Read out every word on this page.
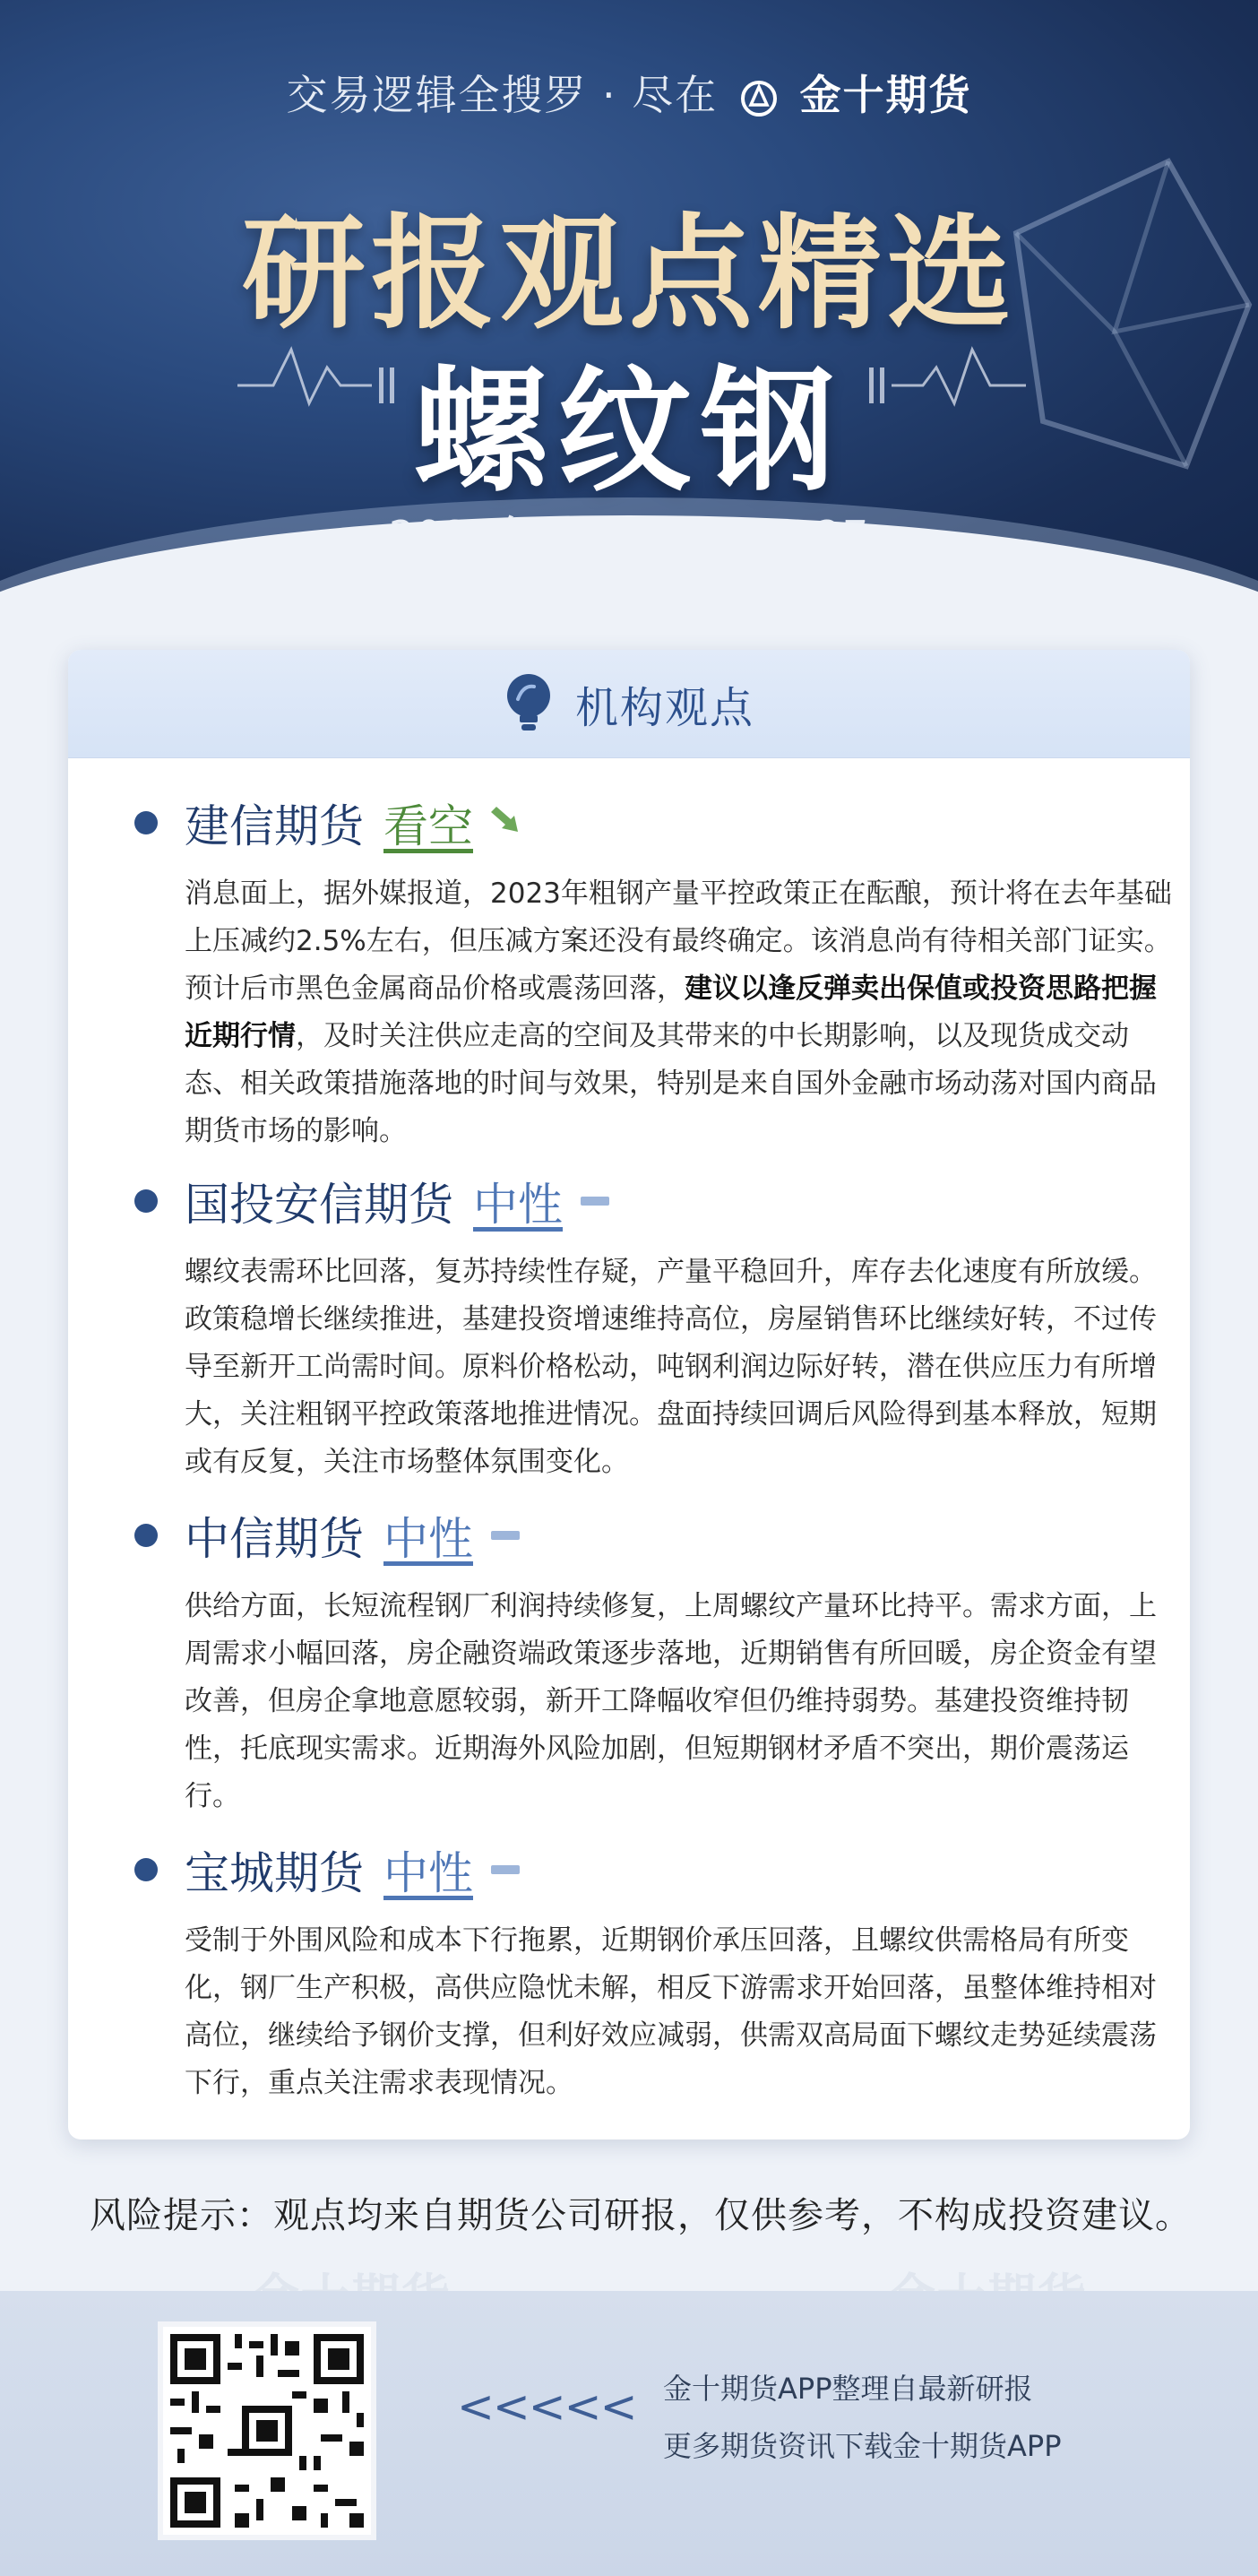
交易逻辑全搜罗 · 尽在 金十期货
研报观点精选
螺纹钢
机构观点
建信期货 看空
消息面上，据外媒报道，2023年粗钢产量平控政策正在酝酿，预计将在去年基础上压减约2.5%左右，但压减方案还没有最终确定。该消息尚有待相关部门证实。预计后市黑色金属商品价格或震荡回落，建议以逢反弹卖出保值或投资思路把握近期行情，及时关注供应走高的空间及其带来的中长期影响，以及现货成交动态、相关政策措施落地的时间与效果，特别是来自国外金融市场动荡对国内商品期货市场的影响。
国投安信期货 中性
螺纹表需环比回落，复苏持续性存疑，产量平稳回升，库存去化速度有所放缓。政策稳增长继续推进，基建投资增速维持高位，房屋销售环比继续好转，不过传导至新开工尚需时间。原料价格松动，吨钢利润边际好转，潜在供应压力有所增大，关注粗钢平控政策落地推进情况。盘面持续回调后风险得到基本释放，短期或有反复，关注市场整体氛围变化。
中信期货 中性
供给方面，长短流程钢厂利润持续修复，上周螺纹产量环比持平。需求方面，上周需求小幅回落，房企融资端政策逐步落地，近期销售有所回暖，房企资金有望改善，但房企拿地意愿较弱，新开工降幅收窄但仍维持弱势。基建投资维持韧性，托底现实需求。近期海外风险加剧，但短期钢材矛盾不突出，期价震荡运行。
宝城期货 中性
受制于外围风险和成本下行拖累，近期钢价承压回落，且螺纹供需格局有所变化，钢厂生产积极，高供应隐忧未解，相反下游需求开始回落，虽整体维持相对高位，继续给予钢价支撑，但利好效应减弱，供需双高局面下螺纹走势延续震荡下行，重点关注需求表现情况。
风险提示：观点均来自期货公司研报，仅供参考，不构成投资建议。
<<<<< 金十期货APP整理自最新研报
更多期货资讯下载金十期货APP
